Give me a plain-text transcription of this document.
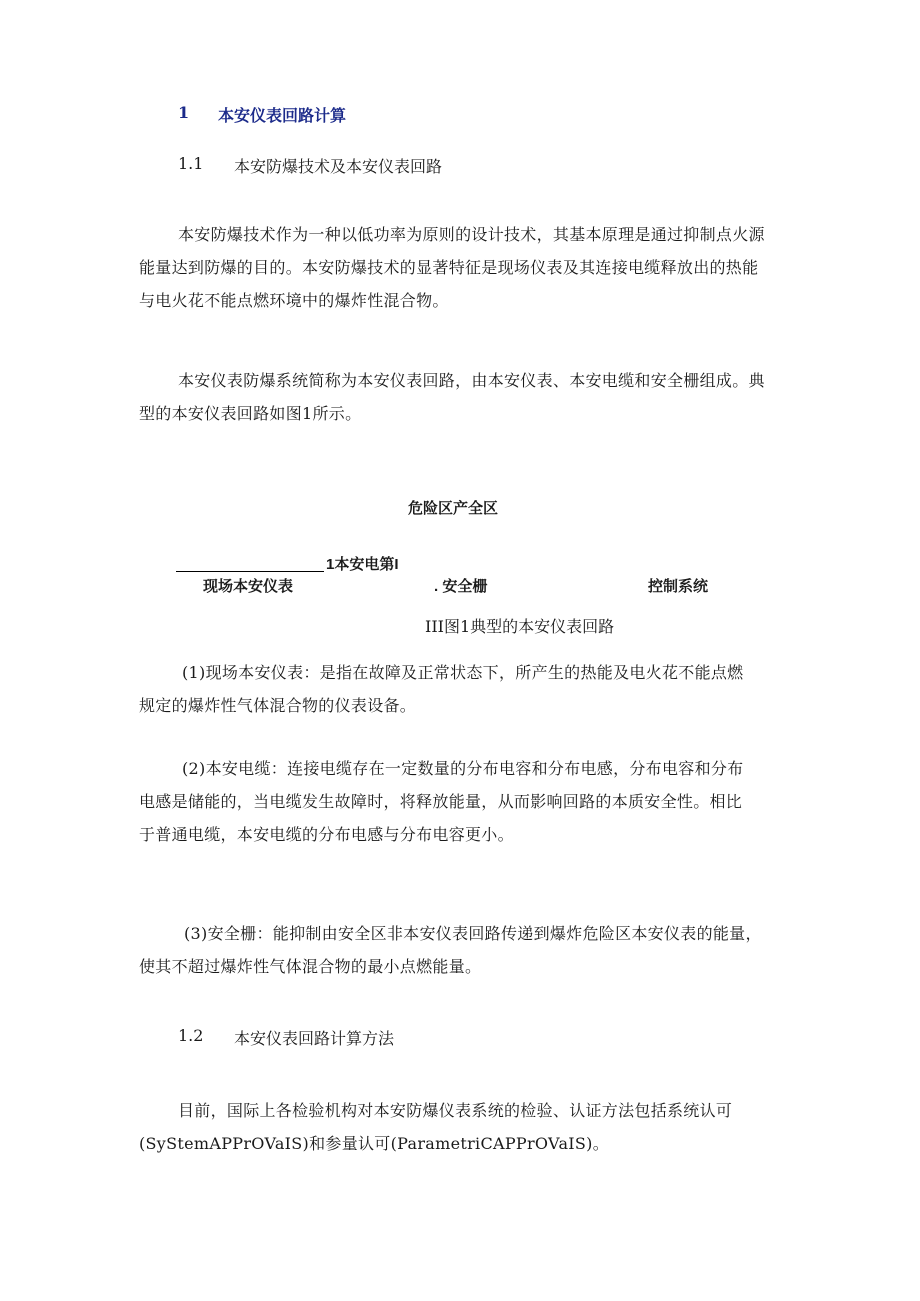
1 本安仪表回路计算
1.1 本安防爆技术及本安仪表回路
本安防爆技术作为一种以低功率为原则的设计技术，其基本原理是通过抑制点火源
能量达到防爆的目的。本安防爆技术的显著特征是现场仪表及其连接电缆释放出的热能
与电火花不能点燃环境中的爆炸性混合物。
本安仪表防爆系统简称为本安仪表回路，由本安仪表、本安电缆和安全栅组成。典
型的本安仪表回路如图1所示。
危险区产全区
1本安电第I
现场本安仪表	. 安全栅	控制系统
III图1典型的本安仪表回路
(1)现场本安仪表：是指在故障及正常状态下，所产生的热能及电火花不能点燃
规定的爆炸性气体混合物的仪表设备。
(2)本安电缆：连接电缆存在一定数量的分布电容和分布电感，分布电容和分布
电感是储能的，当电缆发生故障时，将释放能量，从而影响回路的本质安全性。相比
于普通电缆，本安电缆的分布电感与分布电容更小。
(3)安全栅：能抑制由安全区非本安仪表回路传递到爆炸危险区本安仪表的能量，
使其不超过爆炸性气体混合物的最小点燃能量。
1.2 本安仪表回路计算方法
目前，国际上各检验机构对本安防爆仪表系统的检验、认证方法包括系统认可
(SyStemAPPrOVaIS)和参量认可(ParametriCAPPrOVaIS)。
